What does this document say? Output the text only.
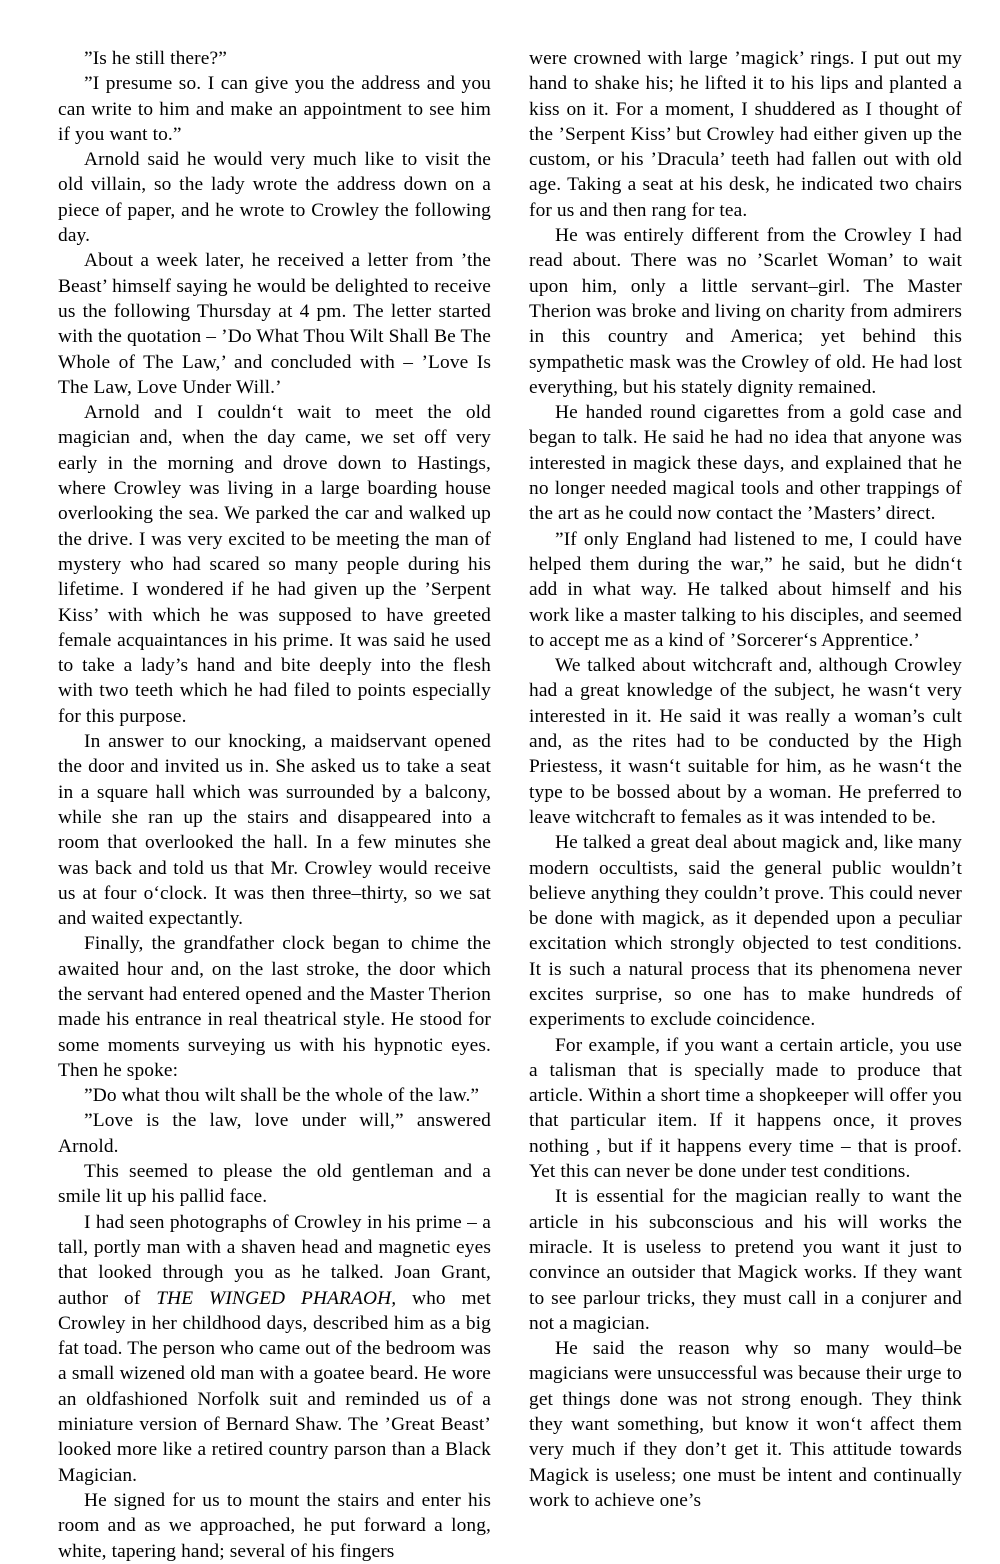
”Is he still there?”

”I presume so. I can give you the address and you can write to him and make an appointment to see him if you want to.”

Arnold said he would very much like to visit the old villain, so the lady wrote the address down on a piece of paper, and he wrote to Crowley the following day.

About a week later, he received a letter from ’the Beast’ himself saying he would be delighted to receive us the following Thursday at 4 pm. The letter started with the quotation – ’Do What Thou Wilt Shall Be The Whole of The Law,’ and concluded with – ’Love Is The Law, Love Under Will.’

Arnold and I couldn‘t wait to meet the old magician and, when the day came, we set off very early in the morning and drove down to Hastings, where Crowley was living in a large boarding house overlooking the sea. We parked the car and walked up the drive. I was very excited to be meeting the man of mystery who had scared so many people during his lifetime. I wondered if he had given up the ’Serpent Kiss’ with which he was supposed to have greeted female acquaintances in his prime. It was said he used to take a lady’s hand and bite deeply into the flesh with two teeth which he had filed to points especially for this purpose.

In answer to our knocking, a maidservant opened the door and invited us in. She asked us to take a seat in a square hall which was surrounded by a balcony, while she ran up the stairs and disappeared into a room that overlooked the hall. In a few minutes she was back and told us that Mr. Crowley would receive us at four o‘clock. It was then three–thirty, so we sat and waited expectantly.

Finally, the grandfather clock began to chime the awaited hour and, on the last stroke, the door which the servant had entered opened and the Master Therion made his entrance in real theatrical style. He stood for some moments surveying us with his hypnotic eyes. Then he spoke:

”Do what thou wilt shall be the whole of the law.”

”Love is the law, love under will,” answered Arnold.

This seemed to please the old gentleman and a smile lit up his pallid face.

I had seen photographs of Crowley in his prime – a tall, portly man with a shaven head and magnetic eyes that looked through you as he talked. Joan Grant, author of THE WINGED PHARAOH, who met Crowley in her childhood days, described him as a big fat toad. The person who came out of the bedroom was a small wizened old man with a goatee beard. He wore an oldfashioned Norfolk suit and reminded us of a miniature version of Bernard Shaw. The ’Great Beast’ looked more like a retired country parson than a Black Magician.

He signed for us to mount the stairs and enter his room and as we approached, he put forward a long, white, tapering hand; several of his fingers

were crowned with large ’magick’ rings. I put out my hand to shake his; he lifted it to his lips and planted a kiss on it. For a moment, I shuddered as I thought of the ’Serpent Kiss’ but Crowley had either given up the custom, or his ’Dracula’ teeth had fallen out with old age. Taking a seat at his desk, he indicated two chairs for us and then rang for tea.

He was entirely different from the Crowley I had read about. There was no ’Scarlet Woman’ to wait upon him, only a little servant–girl. The Master Therion was broke and living on charity from admirers in this country and America; yet behind this sympathetic mask was the Crowley of old. He had lost everything, but his stately dignity remained.

He handed round cigarettes from a gold case and began to talk. He said he had no idea that anyone was interested in magick these days, and explained that he no longer needed magical tools and other trappings of the art as he could now contact the ’Masters’ direct.

”If only England had listened to me, I could have helped them during the war,” he said, but he didn‘t add in what way. He talked about himself and his work like a master talking to his disciples, and seemed to accept me as a kind of ’Sorcerer‘s Apprentice.’

We talked about witchcraft and, although Crowley had a great knowledge of the subject, he wasn‘t very interested in it. He said it was really a woman’s cult and, as the rites had to be conducted by the High Priestess, it wasn‘t suitable for him, as he wasn‘t the type to be bossed about by a woman. He preferred to leave witchcraft to females as it was intended to be.

He talked a great deal about magick and, like many modern occultists, said the general public wouldn’t believe anything they couldn’t prove. This could never be done with magick, as it depended upon a peculiar excitation which strongly objected to test conditions. It is such a natural process that its phenomena never excites surprise, so one has to make hundreds of experiments to exclude coincidence.

For example, if you want a certain article, you use a talisman that is specially made to produce that article. Within a short time a shopkeeper will offer you that particular item. If it happens once, it proves nothing , but if it happens every time – that is proof. Yet this can never be done under test conditions.

It is essential for the magician really to want the article in his subconscious and his will works the miracle. It is useless to pretend you want it just to convince an outsider that Magick works. If they want to see parlour tricks, they must call in a conjurer and not a magician.

He said the reason why so many would–be magicians were unsuccessful was because their urge to get things done was not strong enough. They think they want something, but know it won‘t affect them very much if they don’t get it. This attitude towards Magick is useless; one must be intent and continually work to achieve one’s
